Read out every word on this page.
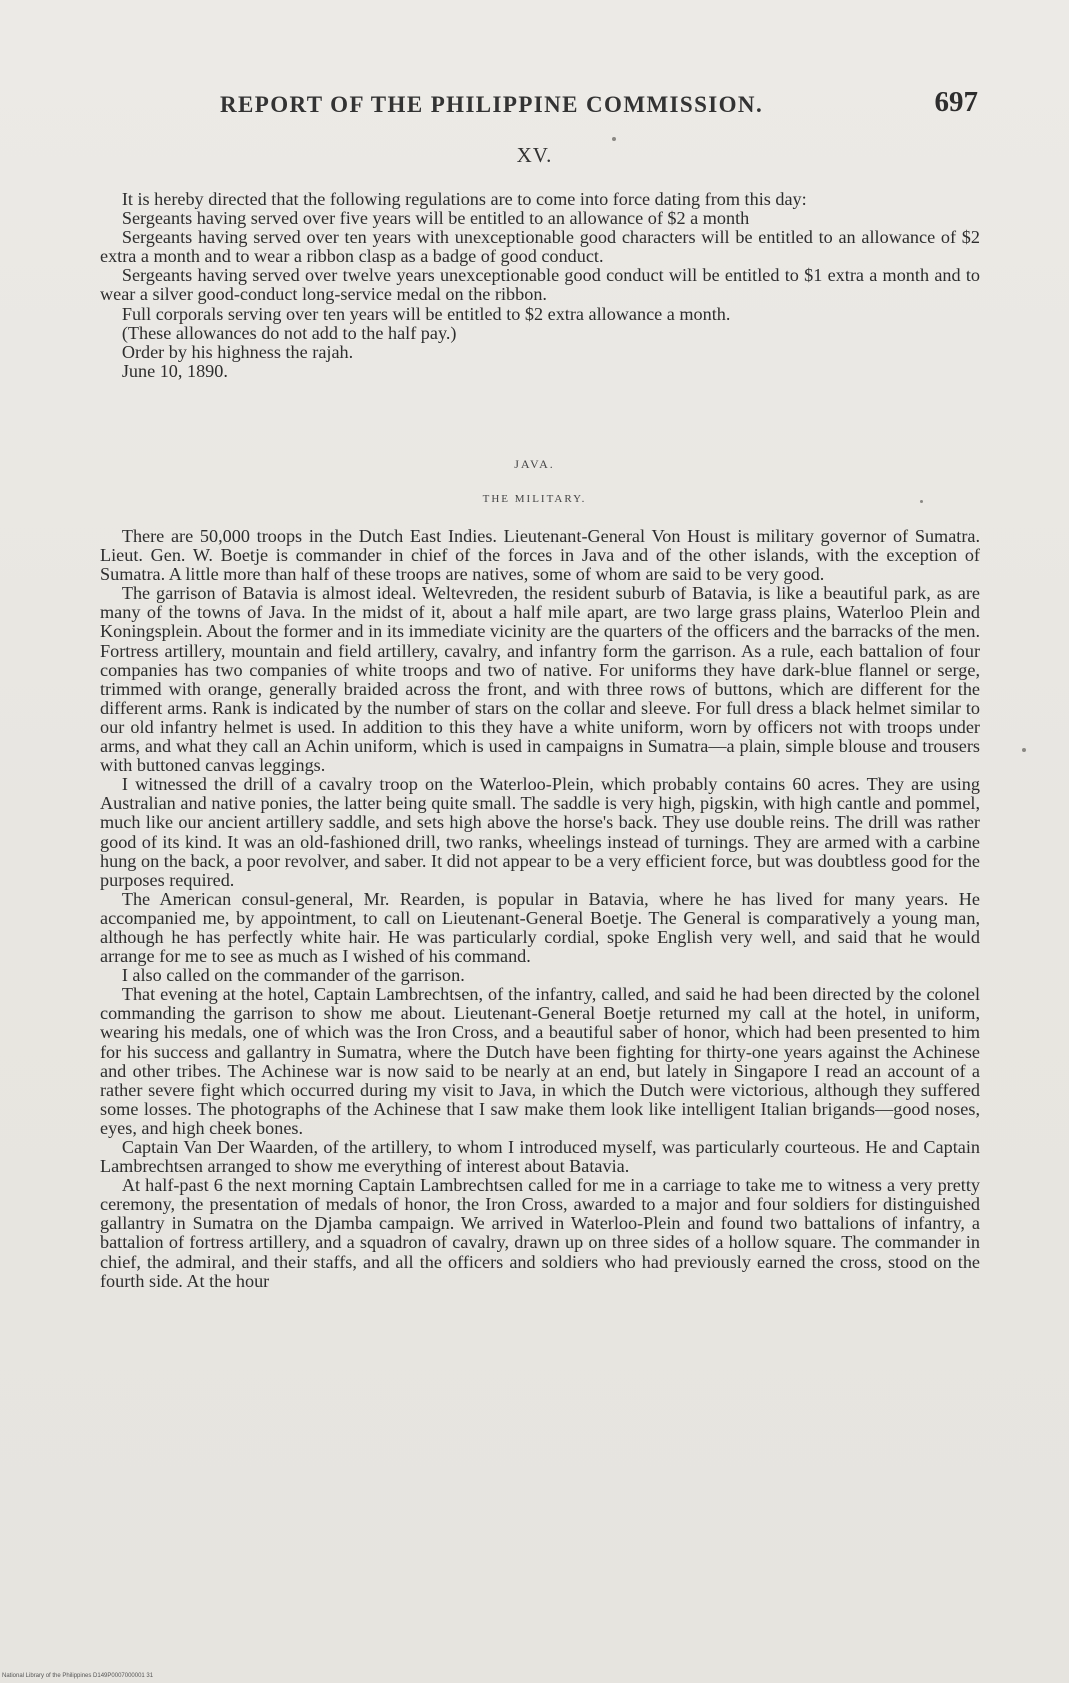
REPORT OF THE PHILIPPINE COMMISSION.	697
XV.

It is hereby directed that the following regulations are to come into force dating from this day:

Sergeants having served over five years will be entitled to an allowance of $2 a month

Sergeants having served over ten years with unexceptionable good characters will be entitled to an allowance of $2 extra a month and to wear a ribbon clasp as a badge of good conduct.

Sergeants having served over twelve years unexceptionable good conduct will be entitled to $1 extra a month and to wear a silver good-conduct long-service medal on the ribbon.

Full corporals serving over ten years will be entitled to $2 extra allowance a month.

(These allowances do not add to the half pay.)

Order by his highness the rajah.

June 10, 1890.

JAVA.
THE MILITARY.

There are 50,000 troops in the Dutch East Indies. Lieutenant-General Von Houst is military governor of Sumatra. Lieut. Gen. W. Boetje is commander in chief of the forces in Java and of the other islands, with the exception of Sumatra. A little more than half of these troops are natives, some of whom are said to be very good.

The garrison of Batavia is almost ideal. Weltevreden, the resident suburb of Batavia, is like a beautiful park, as are many of the towns of Java. In the midst of it, about a half mile apart, are two large grass plains, Waterloo Plein and Koningsplein. About the former and in its immediate vicinity are the quarters of the officers and the barracks of the men. Fortress artillery, mountain and field artillery, cavalry, and infantry form the garrison. As a rule, each battalion of four companies has two companies of white troops and two of native. For uniforms they have dark-blue flannel or serge, trimmed with orange, generally braided across the front, and with three rows of buttons, which are different for the different arms. Rank is indicated by the number of stars on the collar and sleeve. For full dress a black helmet similar to our old infantry helmet is used. In addition to this they have a white uniform, worn by officers not with troops under arms, and what they call an Achin uniform, which is used in campaigns in Sumatra—a plain, simple blouse and trousers with buttoned canvas leggings.

I witnessed the drill of a cavalry troop on the Waterloo-Plein, which probably contains 60 acres. They are using Australian and native ponies, the latter being quite small. The saddle is very high, pigskin, with high cantle and pommel, much like our ancient artillery saddle, and sets high above the horse's back. They use double reins. The drill was rather good of its kind. It was an old-fashioned drill, two ranks, wheelings instead of turnings. They are armed with a carbine hung on the back, a poor revolver, and saber. It did not appear to be a very efficient force, but was doubtless good for the purposes required.

The American consul-general, Mr. Rearden, is popular in Batavia, where he has lived for many years. He accompanied me, by appointment, to call on Lieutenant-General Boetje. The General is comparatively a young man, although he has perfectly white hair. He was particularly cordial, spoke English very well, and said that he would arrange for me to see as much as I wished of his command.

I also called on the commander of the garrison.

That evening at the hotel, Captain Lambrechtsen, of the infantry, called, and said he had been directed by the colonel commanding the garrison to show me about. Lieutenant-General Boetje returned my call at the hotel, in uniform, wearing his medals, one of which was the Iron Cross, and a beautiful saber of honor, which had been presented to him for his success and gallantry in Sumatra, where the Dutch have been fighting for thirty-one years against the Achinese and other tribes. The Achinese war is now said to be nearly at an end, but lately in Singapore I read an account of a rather severe fight which occurred during my visit to Java, in which the Dutch were victorious, although they suffered some losses. The photographs of the Achinese that I saw make them look like intelligent Italian brigands—good noses, eyes, and high cheek bones.

Captain Van Der Waarden, of the artillery, to whom I introduced myself, was particularly courteous. He and Captain Lambrechtsen arranged to show me everything of interest about Batavia.

At half-past 6 the next morning Captain Lambrechtsen called for me in a carriage to take me to witness a very pretty ceremony, the presentation of medals of honor, the Iron Cross, awarded to a major and four soldiers for distinguished gallantry in Sumatra on the Djamba campaign. We arrived in Waterloo-Plein and found two battalions of infantry, a battalion of fortress artillery, and a squadron of cavalry, drawn up on three sides of a hollow square. The commander in chief, the admiral, and their staffs, and all the officers and soldiers who had previously earned the cross, stood on the fourth side. At the hour

National Library of the Philippines D149P0007000001 31
